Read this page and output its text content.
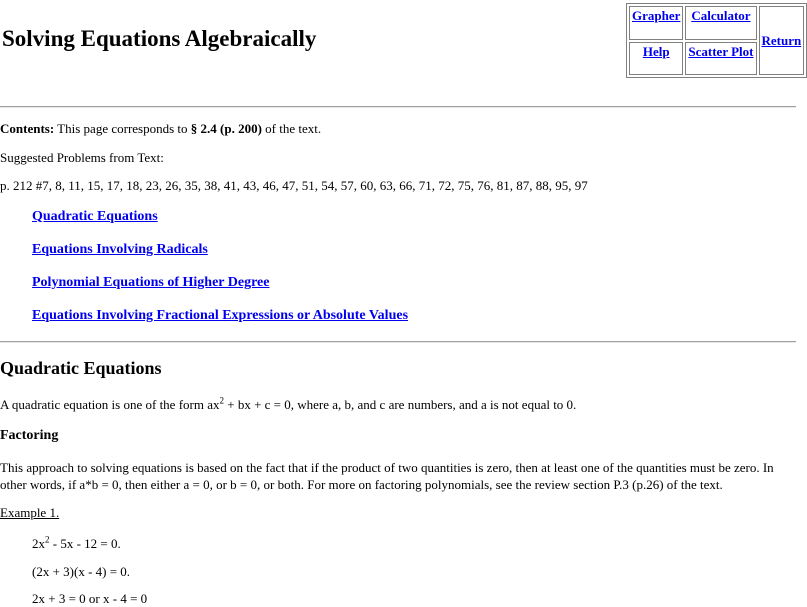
Solving Equations Algebraically
Grapher	Calculator	Return
Help	Scatter Plot	

Contents: This page corresponds to § 2.4 (p. 200) of the text.

Suggested Problems from Text:

p. 212 #7, 8, 11, 15, 17, 18, 23, 26, 35, 38, 41, 43, 46, 47, 51, 54, 57, 60, 63, 66, 71, 72, 75, 76, 81, 87, 88, 95, 97

Quadratic Equations
Equations Involving Radicals
Polynomial Equations of Higher Degree
Equations Involving Fractional Expressions or Absolute Values
Quadratic Equations

A quadratic equation is one of the form $ax^2$ + bx + c = 0, where a, b, and c are numbers, and a is not equal to 0.

Factoring

This approach to solving equations is based on the fact that if the product of two quantities is zero, then at least one of the quantities must be zero. In other words, if a*b = 0, then either a = 0, or b = 0, or both. For more on factoring polynomials, see the review section P.3 (p.26) of the text.

Example 1.

$2x^2 - 5x - 12 = 0$.

(2x + 3)(x - 4) = 0.

2x + 3 = 0 or x - 4 = 0
